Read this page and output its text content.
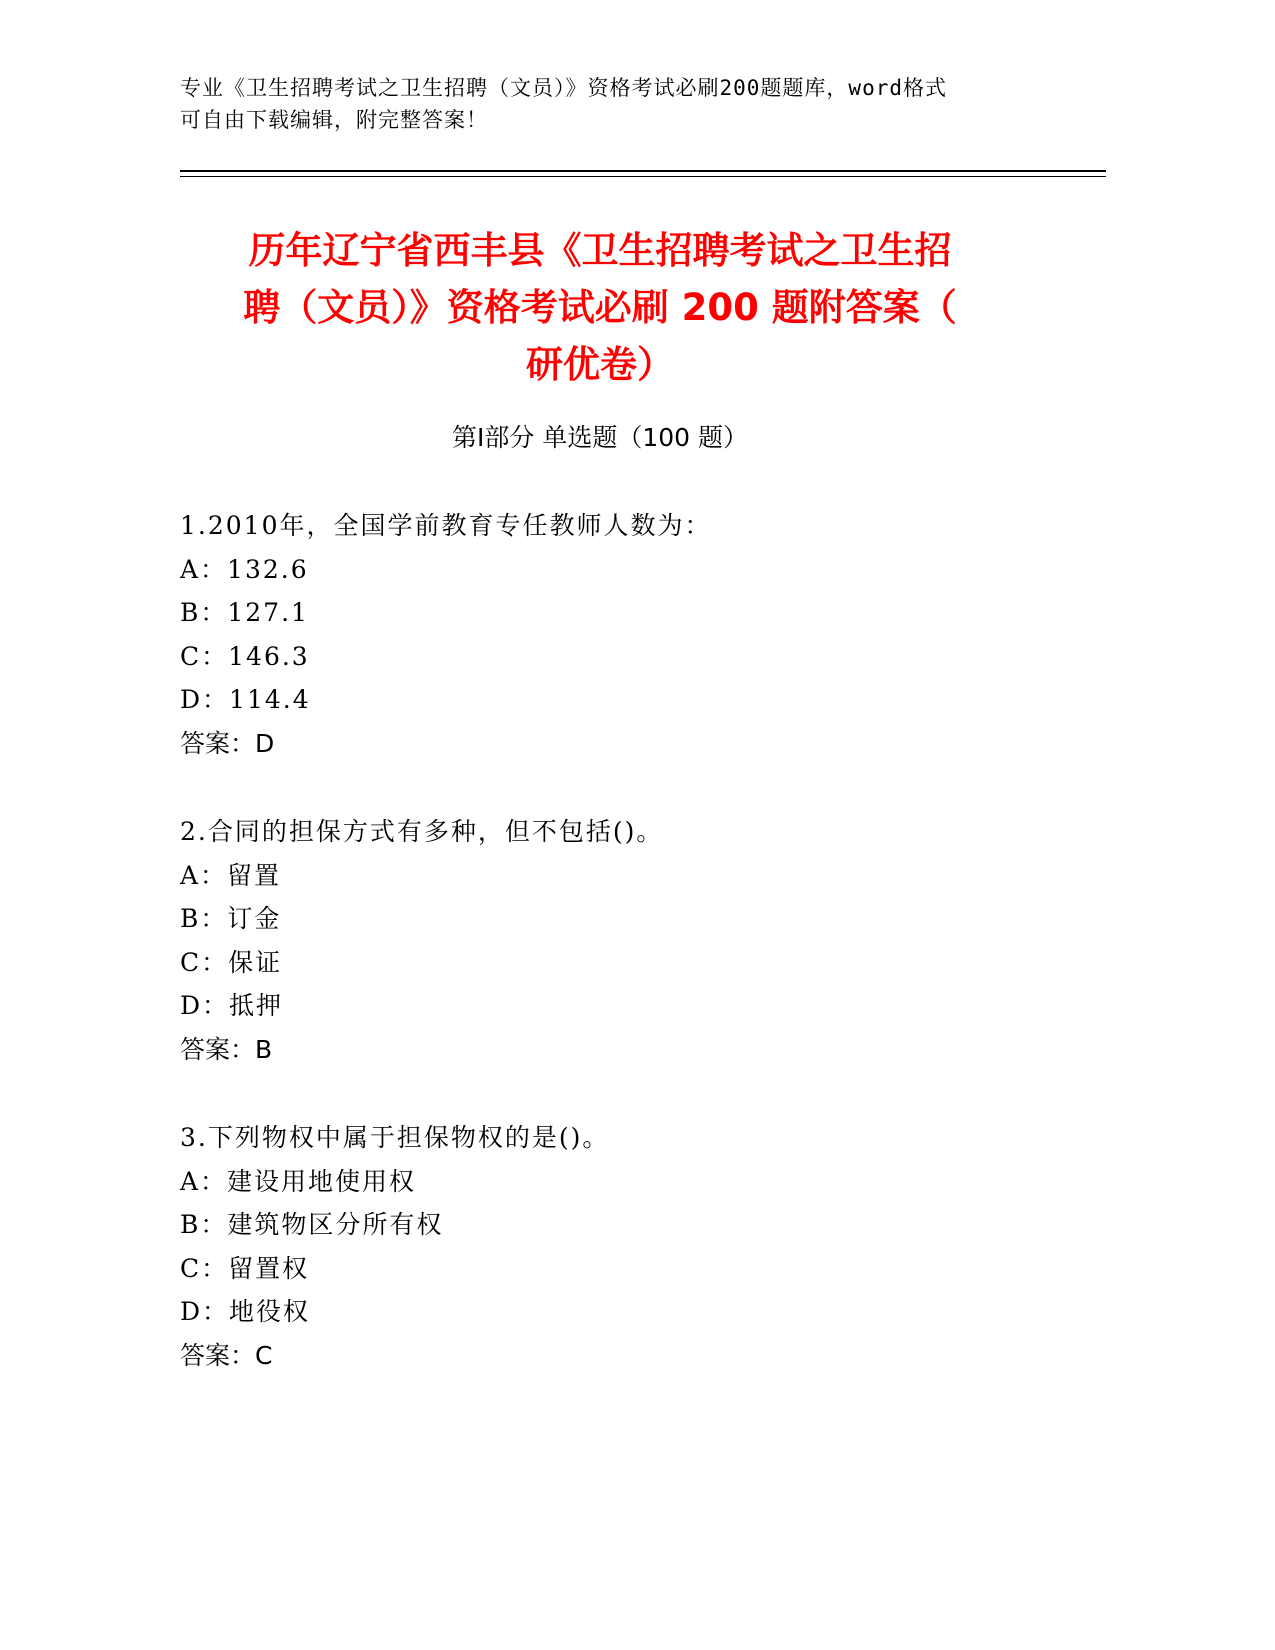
专业《卫生招聘考试之卫生招聘（文员）》资格考试必刷200题题库，word格式
可自由下载编辑，附完整答案！
历年辽宁省西丰县《卫生招聘考试之卫生招
聘（文员）》资格考试必刷 200 题附答案（
研优卷）
第Ⅰ部分 单选题（100 题）
1.2010年，全国学前教育专任教师人数为：
A：132.6
B：127.1
C：146.3
D：114.4
答案：D
2.合同的担保方式有多种，但不包括()。
A：留置
B：订金
C：保证
D：抵押
答案：B
3.下列物权中属于担保物权的是()。
A：建设用地使用权
B：建筑物区分所有权
C：留置权
D：地役权
答案：C
